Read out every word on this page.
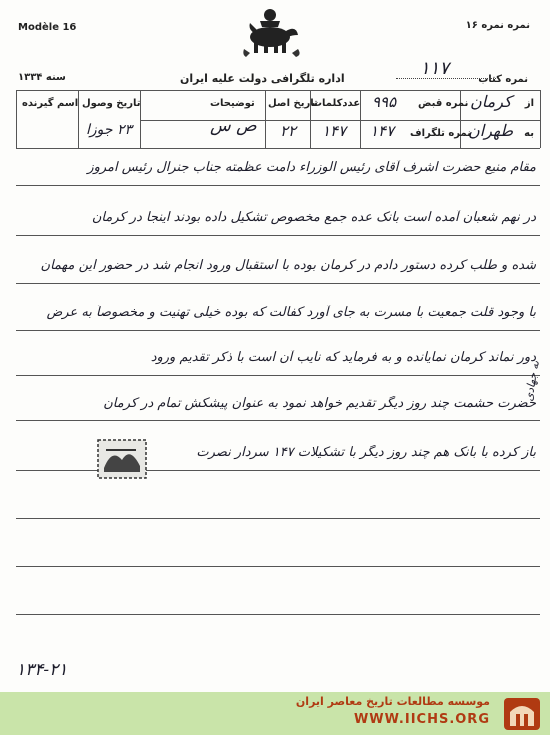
Modèle 16	نمره نمره ۱۶
اداره تلگرافی دولت علیه ایران
سنه ۱۳۳۴	نمره کتاب
۱۱۷
از
کرمان
نمره قبض
۹۹۵
عددکلمات
تاریخ اصل
توضیحات
تاریخ وصول
اسم گیرنده
به
طهران
نمره تلگراف
۱۴۷
۱۴۷
۲۲
ص س
۲۳ جوزا
مقام منیع حضرت اشرف آقای رئیس الوزراء دامت عظمته جناب جنرال رئیس امروز
در نهم شعبان آمده است بانک عده جمع مخصوص تشکیل داده بودند اینجا در کرمان
شده و طلب کرده دستور دادم در کرمان بوده با استقبال ورود انجام شد در حضور این مهمان
با وجود قلت جمعیت با مسرت به جای آورد کفالت که بوده خیلی تهنیت و مخصوصاً به عرض
دور نماند کرمان نمایانده و به فرماید که نایب آن است با ذکر تقدیم ورود
حضرت حشمت چند روز دیگر تقدیم خواهد نمود به عنوان پیشکش تمام در کرمان
باز کرده با بانک هم چند روز دیگر با تشکیلات ۱۴۷ سردار نصرت
نه جهادی
۱۳۴-۲۱
موسسه مطالعات تاریخ معاصر ایران
WWW.IICHS.ORG
